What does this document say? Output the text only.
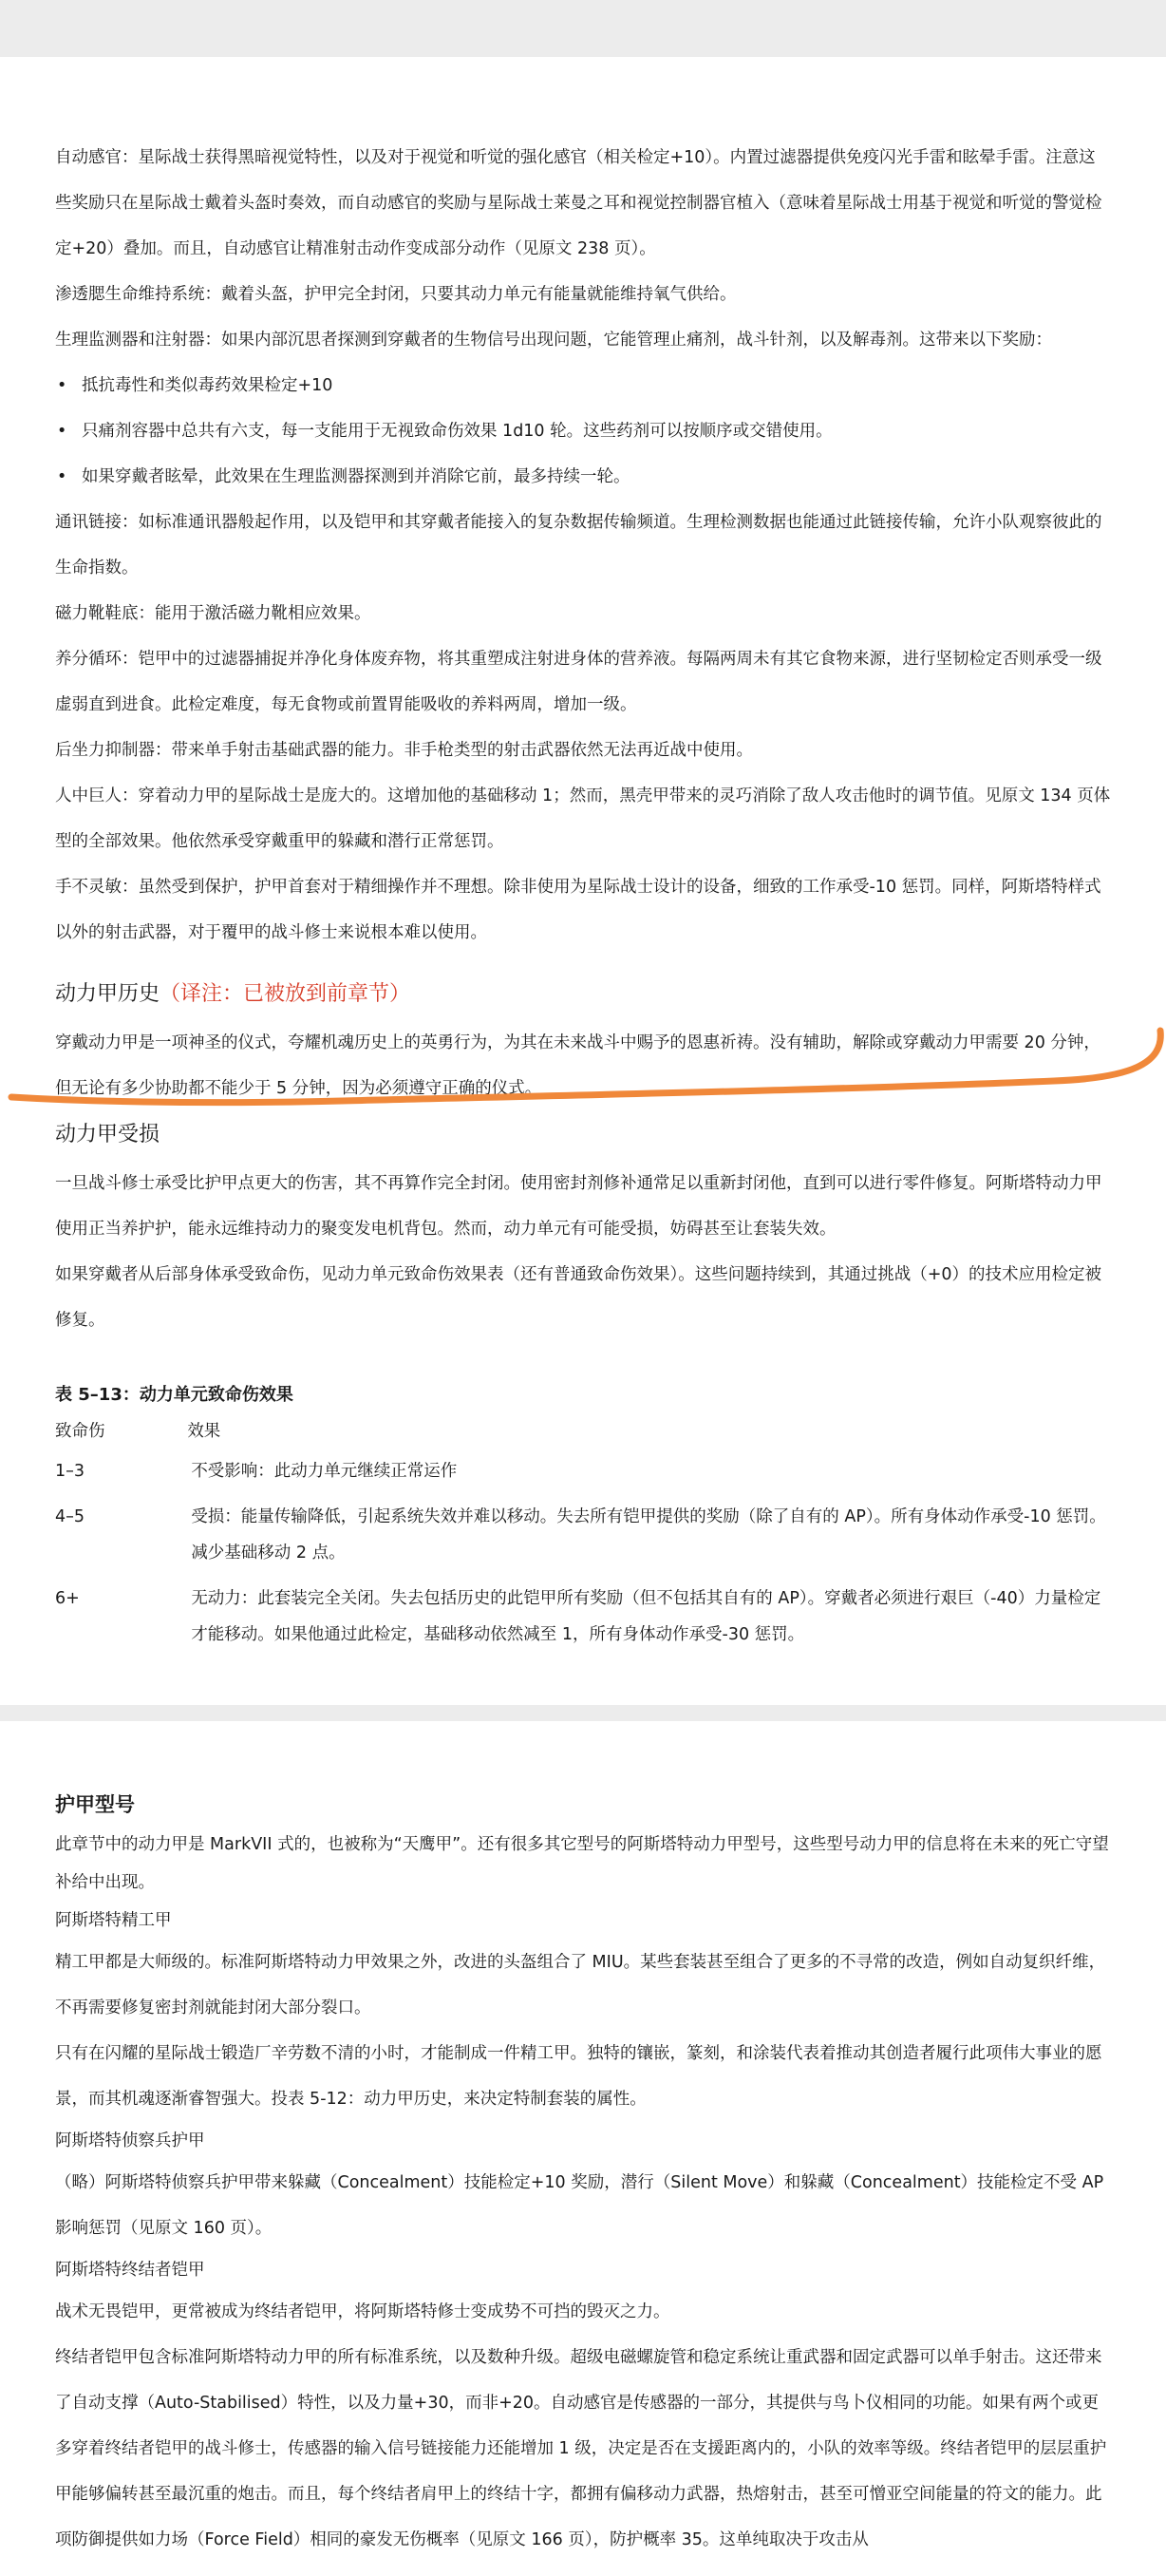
自动感官：星际战士获得黑暗视觉特性，以及对于视觉和听觉的强化感官（相关检定+10）。内置过滤器提供免疫闪光手雷和眩晕手雷。注意这些奖励只在星际战士戴着头盔时奏效，而自动感官的奖励与星际战士莱曼之耳和视觉控制器官植入（意味着星际战士用基于视觉和听觉的警觉检定+20）叠加。而且，自动感官让精准射击动作变成部分动作（见原文 238 页）。

渗透腮生命维持系统：戴着头盔，护甲完全封闭，只要其动力单元有能量就能维持氧气供给。

生理监测器和注射器：如果内部沉思者探测到穿戴者的生物信号出现问题，它能管理止痛剂，战斗针剂，以及解毒剂。这带来以下奖励：

• 抵抗毒性和类似毒药效果检定+10

• 只痛剂容器中总共有六支，每一支能用于无视致命伤效果 1d10 轮。这些药剂可以按顺序或交错使用。

• 如果穿戴者眩晕，此效果在生理监测器探测到并消除它前，最多持续一轮。

通讯链接：如标准通讯器般起作用，以及铠甲和其穿戴者能接入的复杂数据传输频道。生理检测数据也能通过此链接传输，允许小队观察彼此的生命指数。

磁力靴鞋底：能用于激活磁力靴相应效果。

养分循环：铠甲中的过滤器捕捉并净化身体废弃物，将其重塑成注射进身体的营养液。每隔两周未有其它食物来源，进行坚韧检定否则承受一级虚弱直到进食。此检定难度，每无食物或前置胃能吸收的养料两周，增加一级。

后坐力抑制器：带来单手射击基础武器的能力。非手枪类型的射击武器依然无法再近战中使用。

人中巨人：穿着动力甲的星际战士是庞大的。这增加他的基础移动 1；然而，黑壳甲带来的灵巧消除了敌人攻击他时的调节值。见原文 134 页体型的全部效果。他依然承受穿戴重甲的躲藏和潜行正常惩罚。

手不灵敏：虽然受到保护，护甲首套对于精细操作并不理想。除非使用为星际战士设计的设备，细致的工作承受-10 惩罚。同样，阿斯塔特样式以外的射击武器，对于覆甲的战斗修士来说根本难以使用。

动力甲历史（译注：已被放到前章节）

穿戴动力甲是一项神圣的仪式，夸耀机魂历史上的英勇行为，为其在未来战斗中赐予的恩惠祈祷。没有辅助，解除或穿戴动力甲需要 20 分钟，但无论有多少协助都不能少于 5 分钟，因为必须遵守正确的仪式。

动力甲受损

一旦战斗修士承受比护甲点更大的伤害，其不再算作完全封闭。使用密封剂修补通常足以重新封闭他，直到可以进行零件修复。阿斯塔特动力甲使用正当养护护，能永远维持动力的聚变发电机背包。然而，动力单元有可能受损，妨碍甚至让套装失效。

如果穿戴者从后部身体承受致命伤，见动力单元致命伤效果表（还有普通致命伤效果）。这些问题持续到，其通过挑战（+0）的技术应用检定被修复。

表 5–13：动力单元致命伤效果
致命伤	效果
1–3	不受影响：此动力单元继续正常运作
4–5	受损：能量传输降低，引起系统失效并难以移动。失去所有铠甲提供的奖励（除了自有的 AP）。所有身体动作承受-10 惩罚。减少基础移动 2 点。
6+	无动力：此套装完全关闭。失去包括历史的此铠甲所有奖励（但不包括其自有的 AP）。穿戴者必须进行艰巨（-40）力量检定才能移动。如果他通过此检定，基础移动依然减至 1，所有身体动作承受-30 惩罚。
护甲型号

此章节中的动力甲是 MarkVII 式的，也被称为“天鹰甲”。还有很多其它型号的阿斯塔特动力甲型号，这些型号动力甲的信息将在未来的死亡守望补给中出现。

阿斯塔特精工甲

精工甲都是大师级的。标准阿斯塔特动力甲效果之外，改进的头盔组合了 MIU。某些套装甚至组合了更多的不寻常的改造，例如自动复织纤维，不再需要修复密封剂就能封闭大部分裂口。

只有在闪耀的星际战士锻造厂辛劳数不清的小时，才能制成一件精工甲。独特的镶嵌，篆刻，和涂装代表着推动其创造者履行此项伟大事业的愿景，而其机魂逐渐睿智强大。投表 5-12：动力甲历史，来决定特制套装的属性。

阿斯塔特侦察兵护甲

（略）阿斯塔特侦察兵护甲带来躲藏（Concealment）技能检定+10 奖励，潜行（Silent Move）和躲藏（Concealment）技能检定不受 AP 影响惩罚（见原文 160 页）。

阿斯塔特终结者铠甲

战术无畏铠甲，更常被成为终结者铠甲，将阿斯塔特修士变成势不可挡的毁灭之力。

终结者铠甲包含标准阿斯塔特动力甲的所有标准系统，以及数种升级。超级电磁螺旋管和稳定系统让重武器和固定武器可以单手射击。这还带来了自动支撑（Auto-Stabilised）特性，以及力量+30，而非+20。自动感官是传感器的一部分，其提供与鸟卜仪相同的功能。如果有两个或更多穿着终结者铠甲的战斗修士，传感器的输入信号链接能力还能增加 1 级，决定是否在支援距离内的，小队的效率等级。终结者铠甲的层层重护甲能够偏转甚至最沉重的炮击。而且，每个终结者肩甲上的终结十字，都拥有偏移动力武器，热熔射击，甚至可憎亚空间能量的符文的能力。此项防御提供如力场（Force Field）相同的豪发无伤概率（见原文 166 页），防护概率 35。这单纯取决于攻击从
